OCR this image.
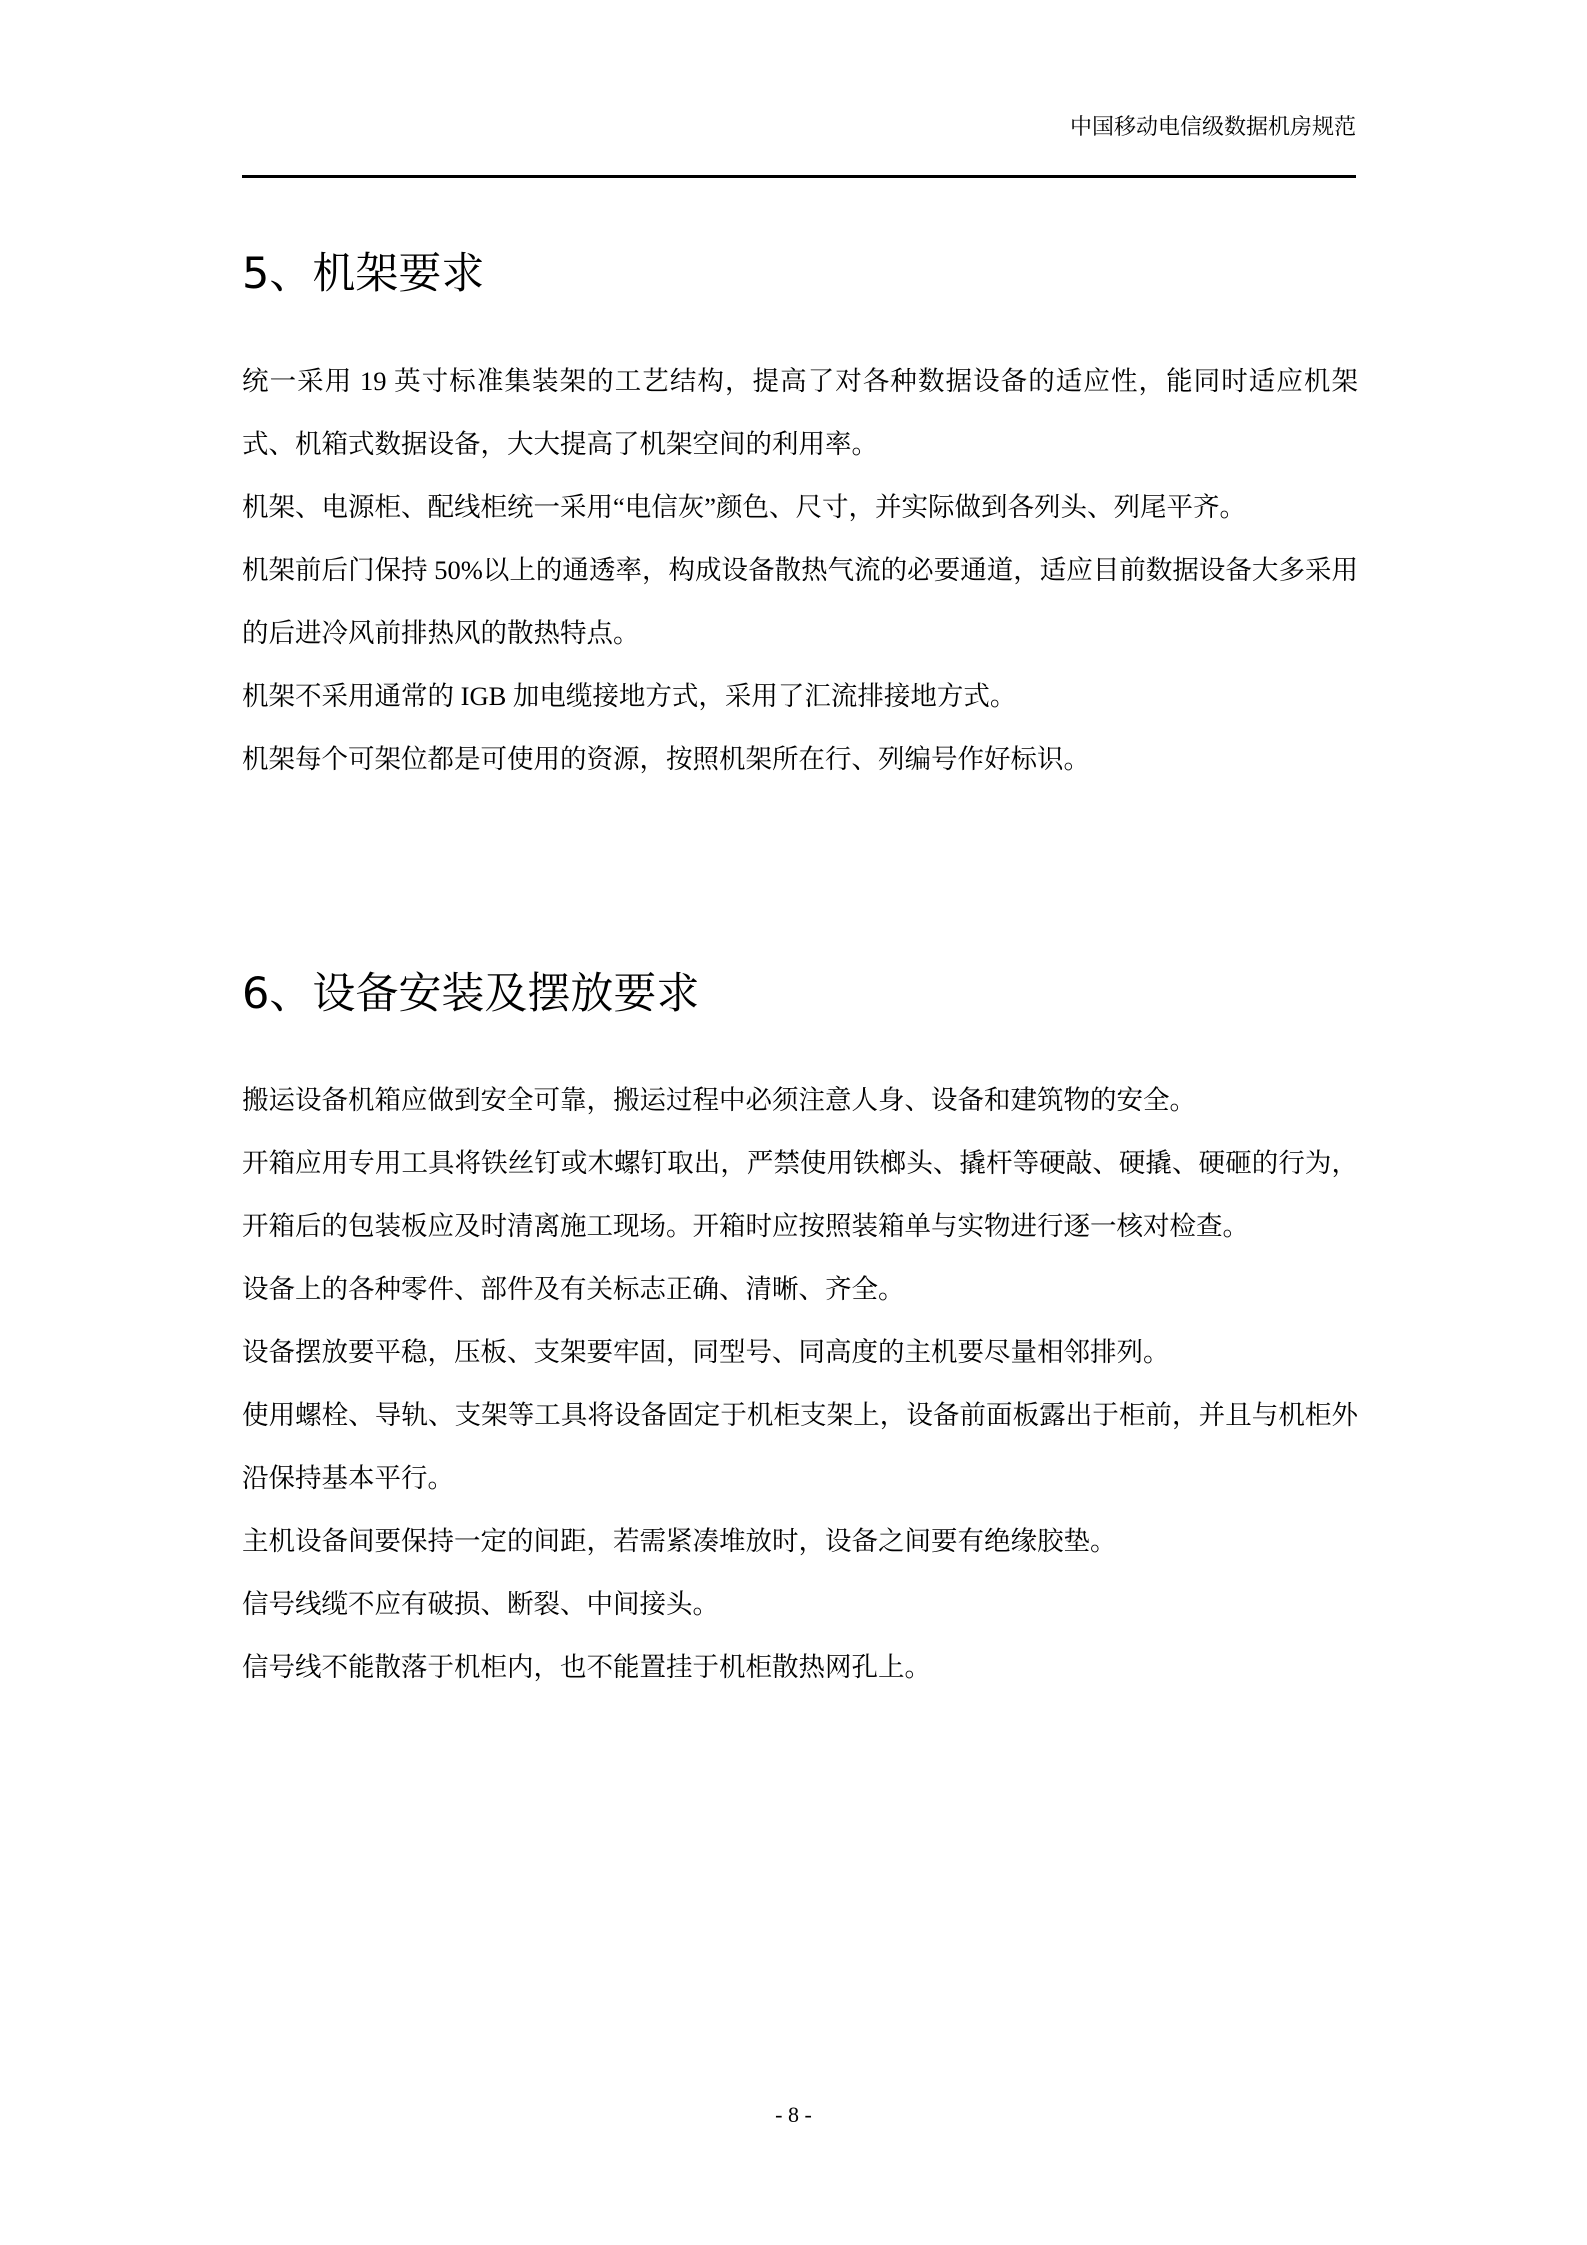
中国移动电信级数据机房规范
5、机架要求

统一采用 19 英寸标准集装架的工艺结构，提高了对各种数据设备的适应性，能同时适应机架式、机箱式数据设备，大大提高了机架空间的利用率。

机架、电源柜、配线柜统一采用“电信灰”颜色、尺寸，并实际做到各列头、列尾平齐。

机架前后门保持 50%以上的通透率，构成设备散热气流的必要通道，适应目前数据设备大多采用的后进冷风前排热风的散热特点。

机架不采用通常的 IGB 加电缆接地方式，采用了汇流排接地方式。

机架每个可架位都是可使用的资源，按照机架所在行、列编号作好标识。

6、设备安装及摆放要求

搬运设备机箱应做到安全可靠，搬运过程中必须注意人身、设备和建筑物的安全。

开箱应用专用工具将铁丝钉或木螺钉取出，严禁使用铁榔头、撬杆等硬敲、硬撬、硬砸的行为，开箱后的包装板应及时清离施工现场。开箱时应按照装箱单与实物进行逐一核对检查。

设备上的各种零件、部件及有关标志正确、清晰、齐全。

设备摆放要平稳，压板、支架要牢固，同型号、同高度的主机要尽量相邻排列。

使用螺栓、导轨、支架等工具将设备固定于机柜支架上，设备前面板露出于柜前，并且与机柜外沿保持基本平行。

主机设备间要保持一定的间距，若需紧凑堆放时，设备之间要有绝缘胶垫。

信号线缆不应有破损、断裂、中间接头。

信号线不能散落于机柜内，也不能置挂于机柜散热网孔上。

- 8 -
